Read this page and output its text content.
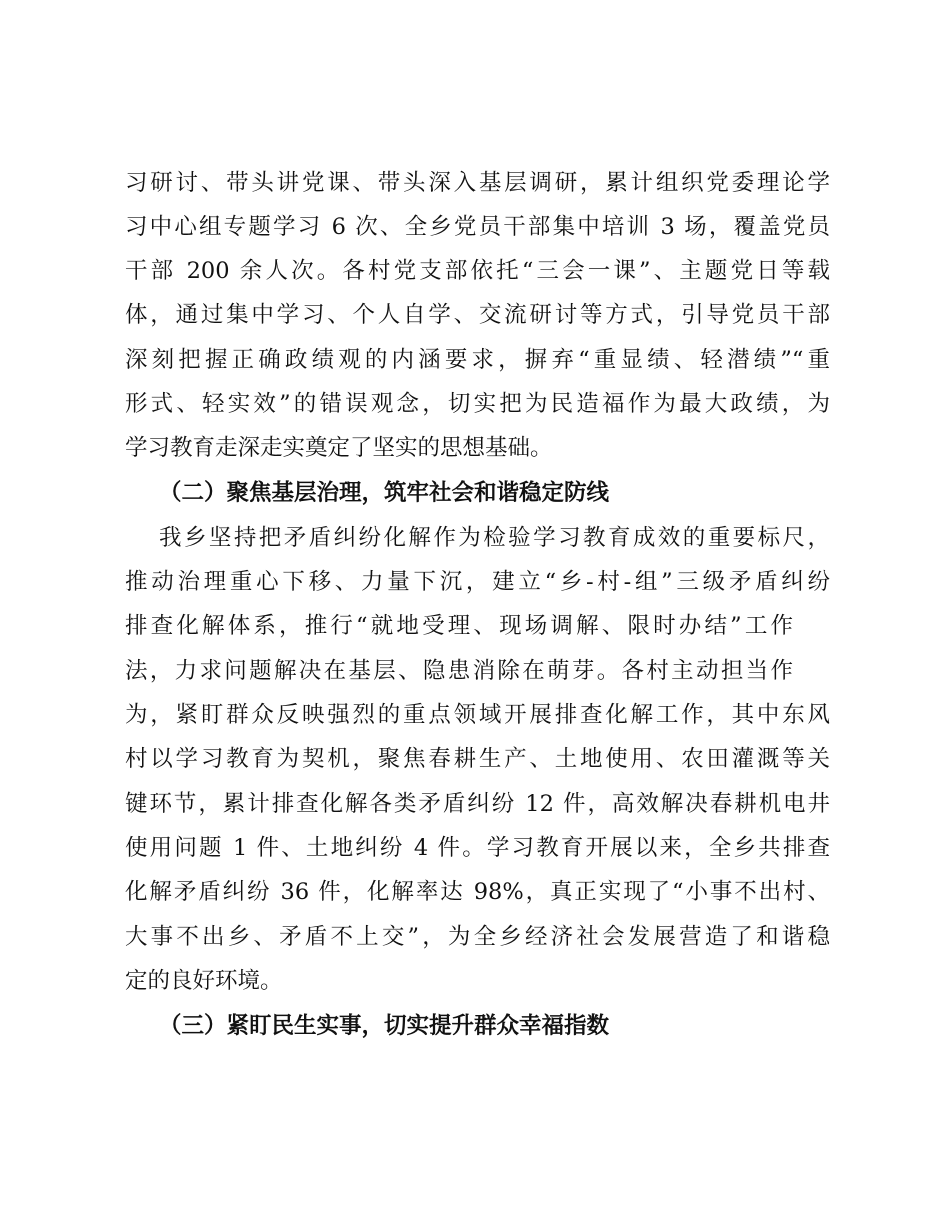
习研讨、带头讲党课、带头深入基层调研，累计组织党委理论学
习中心组专题学习 6 次、全乡党员干部集中培训 3 场，覆盖党员
干部 200 余人次。各村党支部依托“三会一课”、主题党日等载
体，通过集中学习、个人自学、交流研讨等方式，引导党员干部
深刻把握正确政绩观的内涵要求，摒弃“重显绩、轻潜绩”“重
形式、轻实效”的错误观念，切实把为民造福作为最大政绩，为
学习教育走深走实奠定了坚实的思想基础。
（二）聚焦基层治理，筑牢社会和谐稳定防线
我乡坚持把矛盾纠纷化解作为检验学习教育成效的重要标尺，
推动治理重心下移、力量下沉，建立“乡-村-组”三级矛盾纠纷
排查化解体系，推行“就地受理、现场调解、限时办结”工作
法，力求问题解决在基层、隐患消除在萌芽。各村主动担当作
为，紧盯群众反映强烈的重点领域开展排查化解工作，其中东风
村以学习教育为契机，聚焦春耕生产、土地使用、农田灌溉等关
键环节，累计排查化解各类矛盾纠纷 12 件，高效解决春耕机电井
使用问题 1 件、土地纠纷 4 件。学习教育开展以来，全乡共排查
化解矛盾纠纷 36 件，化解率达 98%，真正实现了“小事不出村、
大事不出乡、矛盾不上交”，为全乡经济社会发展营造了和谐稳
定的良好环境。
（三）紧盯民生实事，切实提升群众幸福指数
